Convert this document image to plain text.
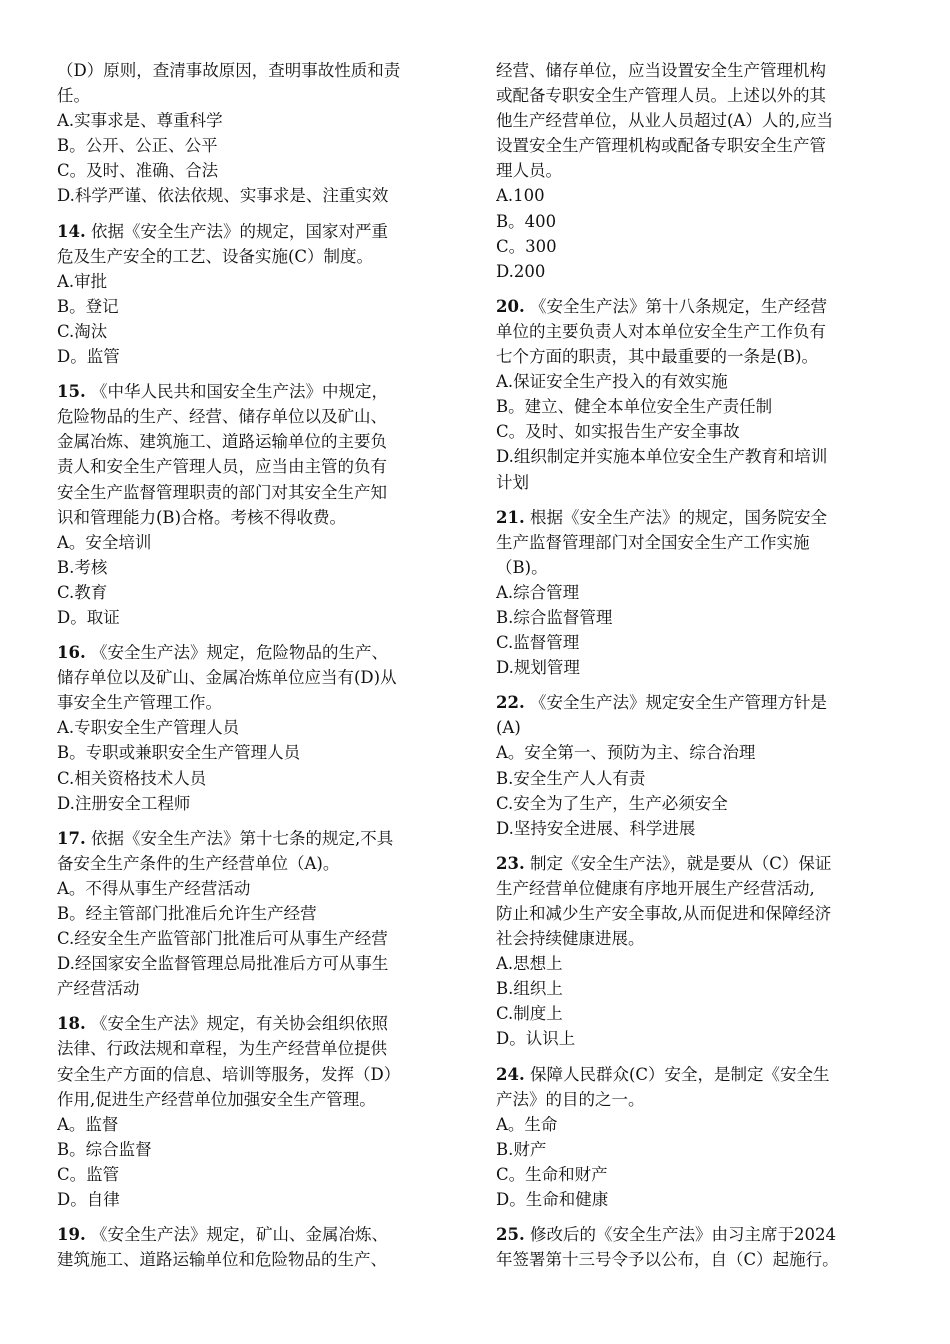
（D）原则，查清事故原因，查明事故性质和责
任。
A.实事求是、尊重科学
B。公开、公正、公平
C。及时、准确、合法
D.科学严谨、依法依规、实事求是、注重实效
14. 依据《安全生产法》的规定，国家对严重
危及生产安全的工艺、设备实施(C）制度。
A.审批
B。登记
C.淘汰
D。监管
15. 《中华人民共和国安全生产法》中规定，
危险物品的生产、经营、储存单位以及矿山、
金属冶炼、建筑施工、道路运输单位的主要负
责人和安全生产管理人员，应当由主管的负有
安全生产监督管理职责的部门对其安全生产知
识和管理能力(B)合格。考核不得收费。
A。安全培训
B.考核
C.教育
D。取证
16. 《安全生产法》规定，危险物品的生产、
储存单位以及矿山、金属冶炼单位应当有(D)从
事安全生产管理工作。
A.专职安全生产管理人员
B。专职或兼职安全生产管理人员
C.相关资格技术人员
D.注册安全工程师
17. 依据《安全生产法》第十七条的规定,不具
备安全生产条件的生产经营单位（A)。
A。不得从事生产经营活动
B。经主管部门批准后允许生产经营
C.经安全生产监管部门批准后可从事生产经营
D.经国家安全监督管理总局批准后方可从事生
产经营活动
18. 《安全生产法》规定，有关协会组织依照
法律、行政法规和章程，为生产经营单位提供
安全生产方面的信息、培训等服务，发挥（D）
作用,促进生产经营单位加强安全生产管理。
A。监督
B。综合监督
C。监管
D。自律
19. 《安全生产法》规定，矿山、金属冶炼、
建筑施工、道路运输单位和危险物品的生产、
经营、储存单位，应当设置安全生产管理机构
或配备专职安全生产管理人员。上述以外的其
他生产经营单位，从业人员超过(A）人的,应当
设置安全生产管理机构或配备专职安全生产管
理人员。
A.100
B。400
C。300
D.200
20. 《安全生产法》第十八条规定，生产经营
单位的主要负责人对本单位安全生产工作负有
七个方面的职责，其中最重要的一条是(B)。
A.保证安全生产投入的有效实施
B。建立、健全本单位安全生产责任制
C。及时、如实报告生产安全事故
D.组织制定并实施本单位安全生产教育和培训
计划
21. 根据《安全生产法》的规定，国务院安全
生产监督管理部门对全国安全生产工作实施
（B)。
A.综合管理
B.综合监督管理
C.监督管理
D.规划管理
22. 《安全生产法》规定安全生产管理方针是
(A)
A。安全第一、预防为主、综合治理
B.安全生产人人有责
C.安全为了生产，生产必须安全
D.坚持安全进展、科学进展
23. 制定《安全生产法》，就是要从（C）保证
生产经营单位健康有序地开展生产经营活动,
防止和减少生产安全事故,从而促进和保障经济
社会持续健康进展。
A.思想上
B.组织上
C.制度上
D。认识上
24. 保障人民群众(C）安全，是制定《安全生
产法》的目的之一。
A。生命
B.财产
C。生命和财产
D。生命和健康
25. 修改后的《安全生产法》由习主席于2024
年签署第十三号令予以公布，自（C）起施行。
